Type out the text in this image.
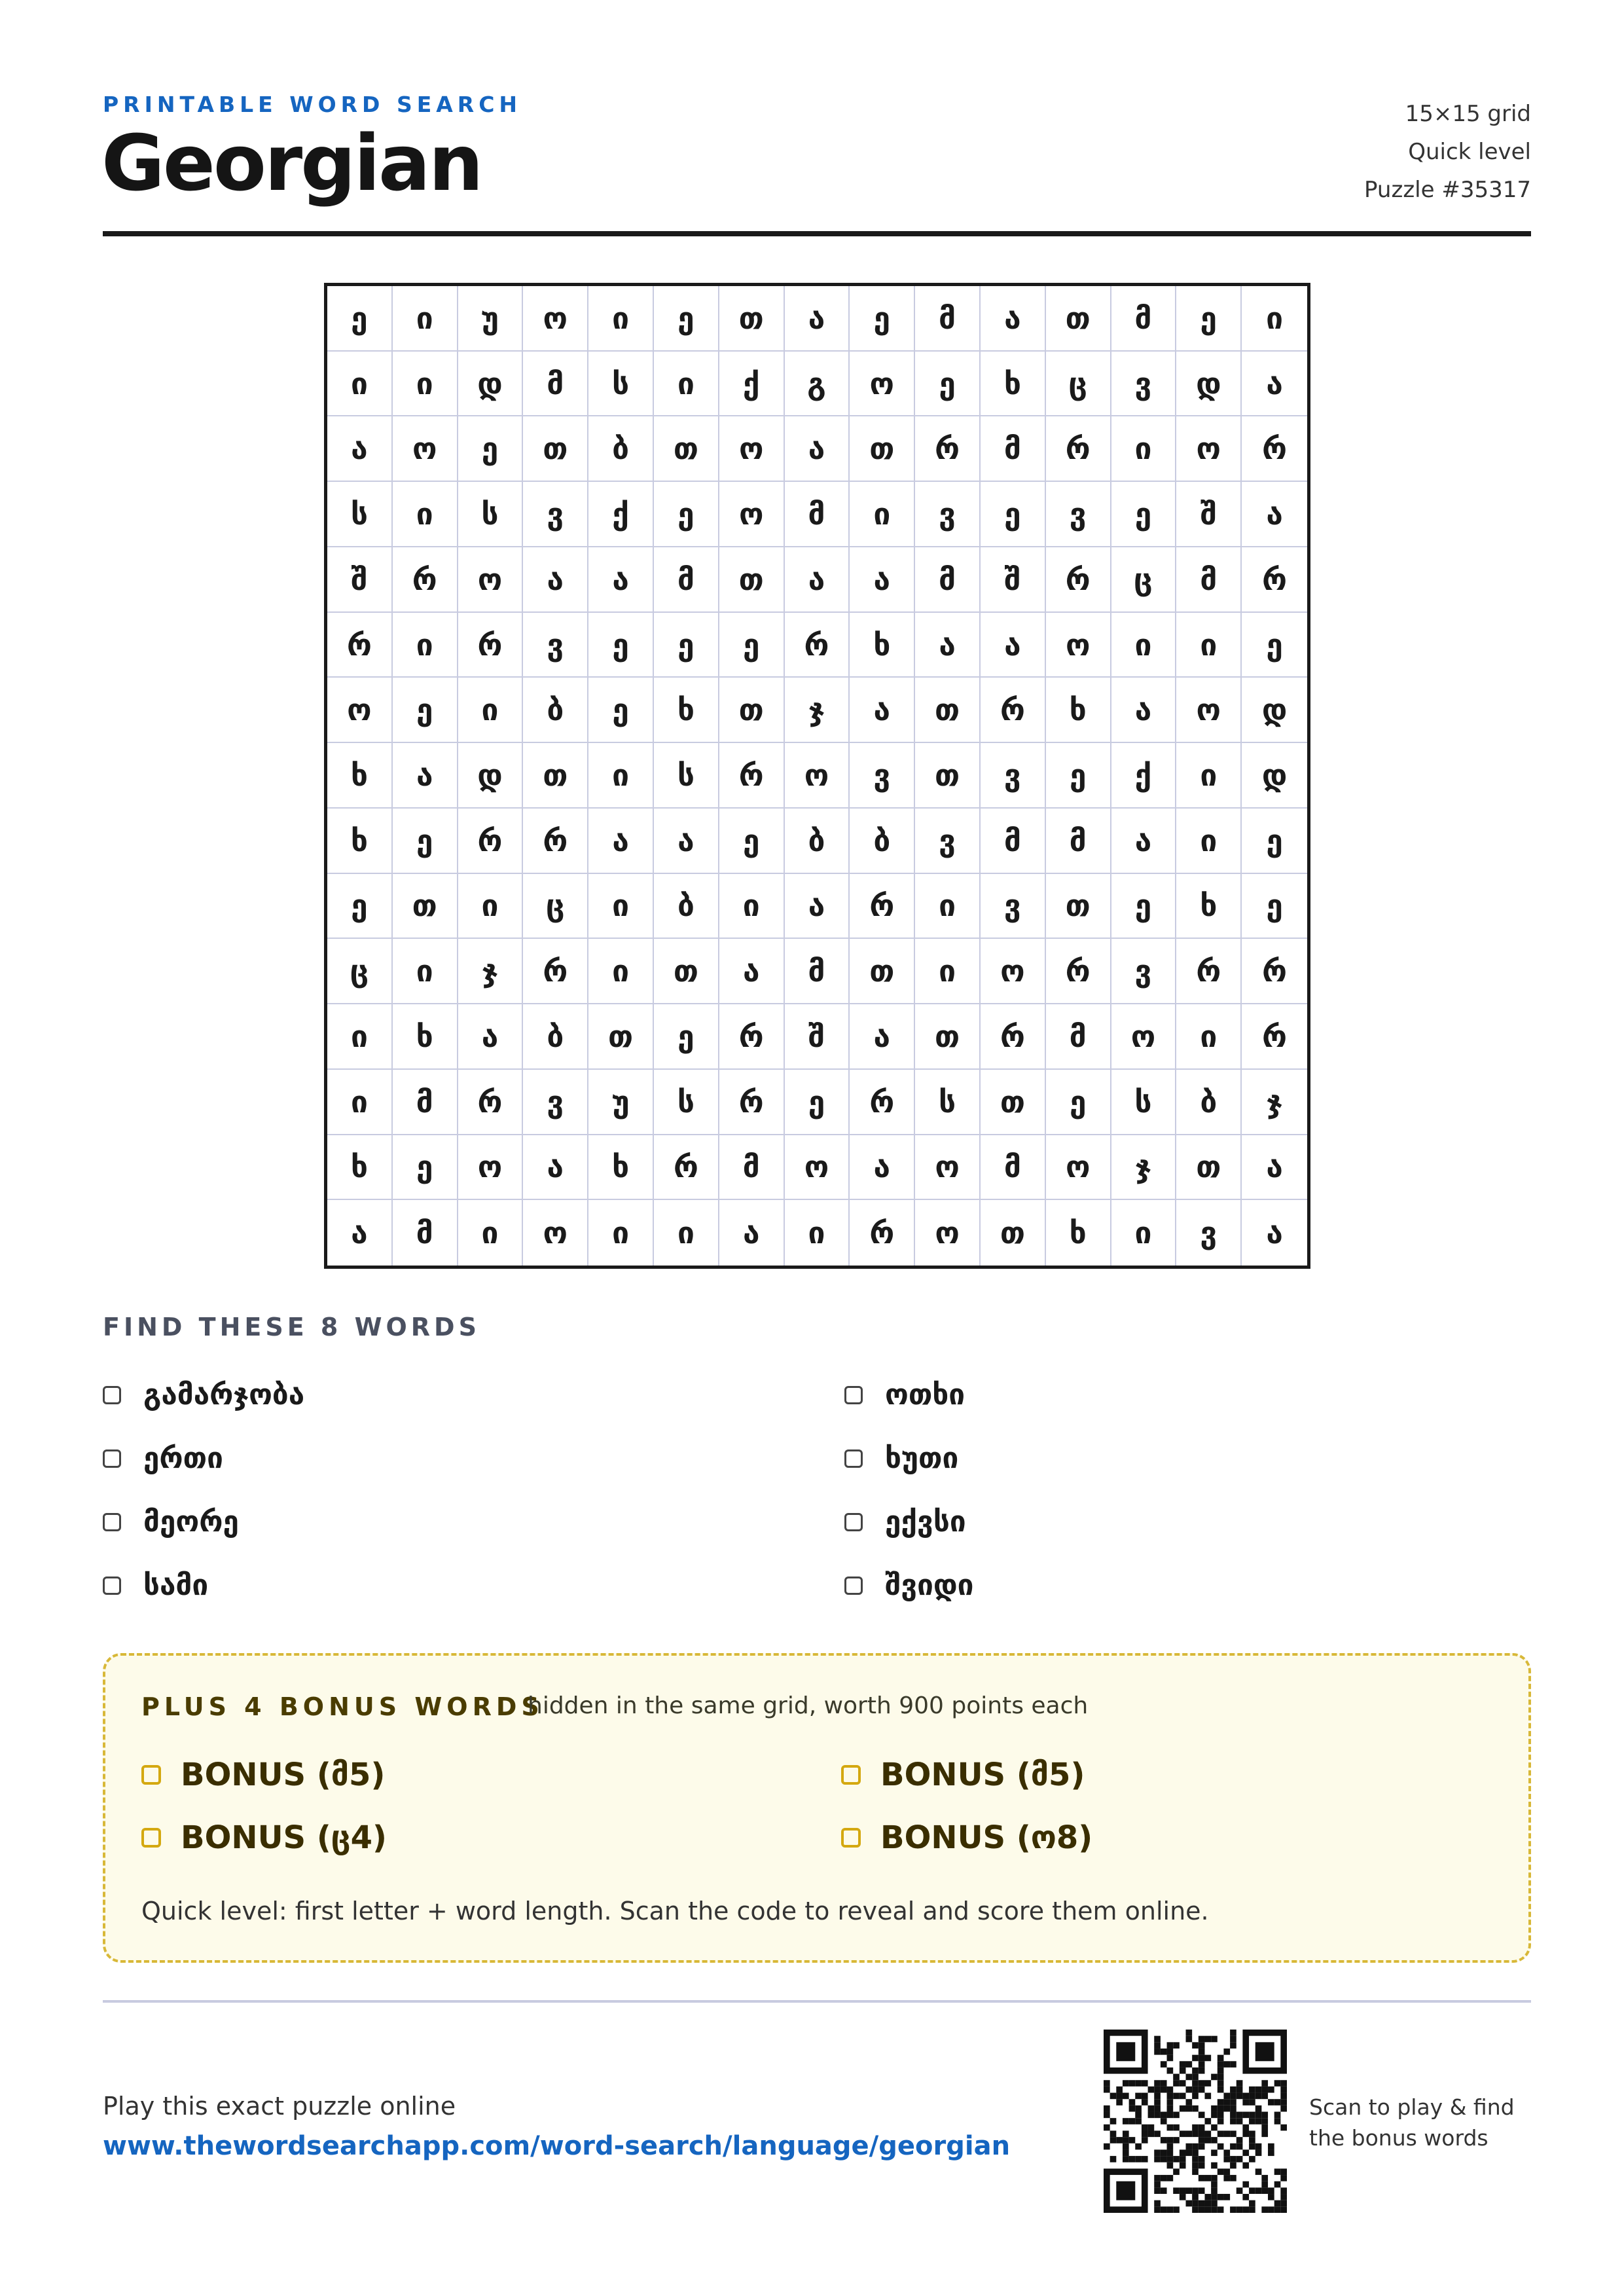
PRINTABLE WORD SEARCH
Georgian
15×15 grid
Quick level
Puzzle #35317
ე	ი	უ	ო	ი	ე	თ	ა	ე	მ	ა	თ	მ	ე	ი
ი	ი	დ	მ	ს	ი	ქ	გ	ო	ე	ხ	ც	ვ	დ	ა
ა	ო	ე	თ	ბ	თ	ო	ა	თ	რ	მ	რ	ი	ო	რ
ს	ი	ს	ვ	ქ	ე	ო	მ	ი	ვ	ე	ვ	ე	შ	ა
შ	რ	ო	ა	ა	მ	თ	ა	ა	მ	შ	რ	ც	მ	რ
რ	ი	რ	ვ	ე	ე	ე	რ	ხ	ა	ა	ო	ი	ი	ე
ო	ე	ი	ბ	ე	ხ	თ	ჯ	ა	თ	რ	ხ	ა	ო	დ
ხ	ა	დ	თ	ი	ს	რ	ო	ვ	თ	ვ	ე	ქ	ი	დ
ხ	ე	რ	რ	ა	ა	ე	ბ	ბ	ვ	მ	მ	ა	ი	ე
ე	თ	ი	ც	ი	ბ	ი	ა	რ	ი	ვ	თ	ე	ხ	ე
ც	ი	ჯ	რ	ი	თ	ა	მ	თ	ი	ო	რ	ვ	რ	რ
ი	ხ	ა	ბ	თ	ე	რ	შ	ა	თ	რ	მ	ო	ი	რ
ი	მ	რ	ვ	უ	ს	რ	ე	რ	ს	თ	ე	ს	ბ	ჯ
ხ	ე	ო	ა	ხ	რ	მ	ო	ა	ო	მ	ო	ჯ	თ	ა
ა	მ	ი	ო	ი	ი	ა	ი	რ	ო	თ	ხ	ი	ვ	ა
FIND THESE 8 WORDS
გამარჯობა	ოთხი
ერთი	ხუთი
მეორე	ექვსი
სამი	შვიდი
PLUS 4 BONUS WORDS
hidden in the same grid, worth 900 points each
BONUS (მ5)	BONUS (მ5)
BONUS (ც4)	BONUS (ო8)
Quick level: first letter + word length. Scan the code to reveal and score them online.
Play this exact puzzle online
www.thewordsearchapp.com/word-search/language/georgian
Scan to play & find
the bonus words
